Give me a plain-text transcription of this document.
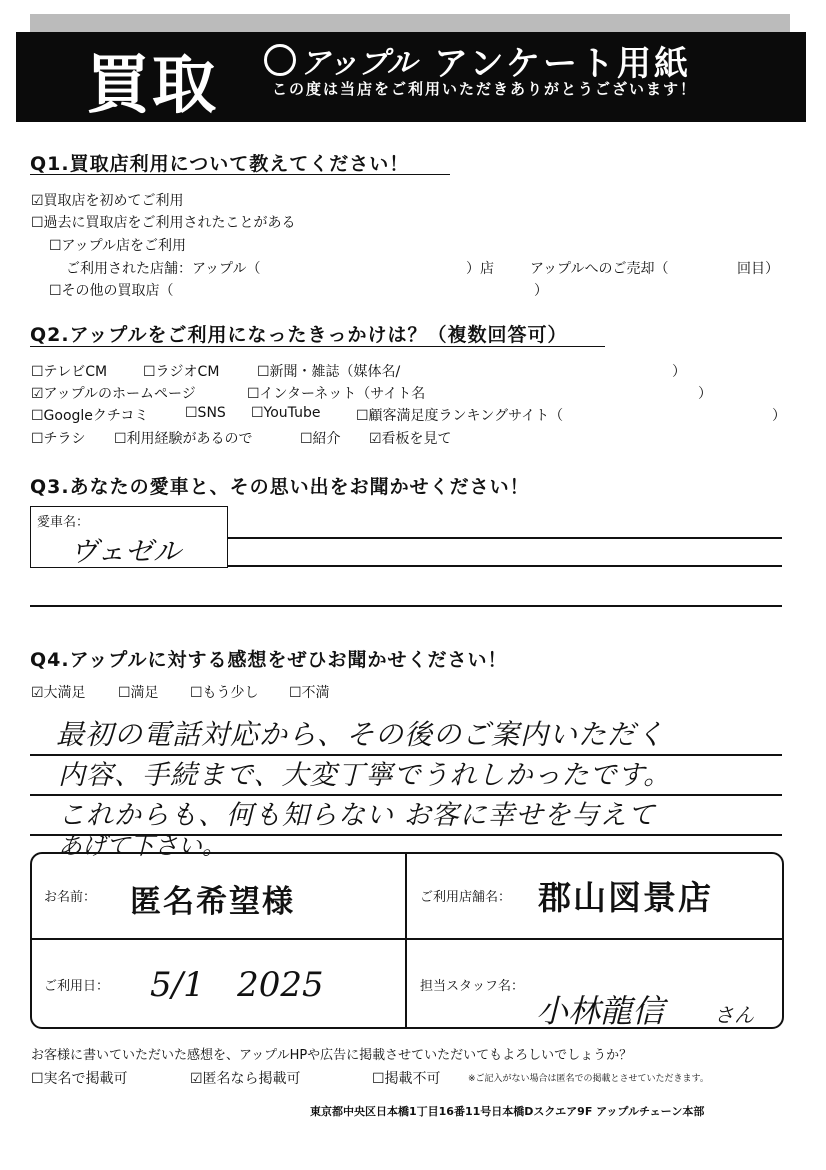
買取	アップル アンケート用紙
この度は当店をご利用いただきありがとうございます！
Q1.買取店利用について教えてください！
☑買取店を初めてご利用
☐過去に買取店をご利用されたことがある
☐アップル店をご利用
ご利用された店舗：アップル（	）店	アップルへのご売却（	回目）
☐その他の買取店（	）
Q2.アップルをご利用になったきっかけは？（複数回答可）
☐テレビCM	☐ラジオCM	☐新聞・雑誌（媒体名/	）
☑アップルのホームページ	☐インターネット（サイト名	）
☐Googleクチコミ	☐SNS ☐YouTube	☐顧客満足度ランキングサイト（	）
☐チラシ ☐利用経験があるので	☐紹介 ☑看板を見て
Q3.あなたの愛車と、その思い出をお聞かせください！
愛車名：
ヴェゼル
Q4.アップルに対する感想をぜひお聞かせください！
☑大満足 ☐満足 ☐もう少し ☐不満
最初の電話対応から、その後のご案内いただく
内容、手続まで、大変丁寧でうれしかったです。
これからも、何も知らない お客に幸せを与えて
あげて下さい。
お名前： 匿名希望様	ご利用店舗名： 郡山図景店
ご利用日： 5/1   2025	担当スタッフ名：
小林龍信 さん
お客様に書いていただいた感想を、アップルHPや広告に掲載させていただいてもよろしいでしょうか？
☐実名で掲載可	☑匿名なら掲載可	☐掲載不可	※ご記入がない場合は匿名での掲載とさせていただきます。
東京都中央区日本橋1丁目16番11号日本橋Dスクエア9F アップルチェーン本部
